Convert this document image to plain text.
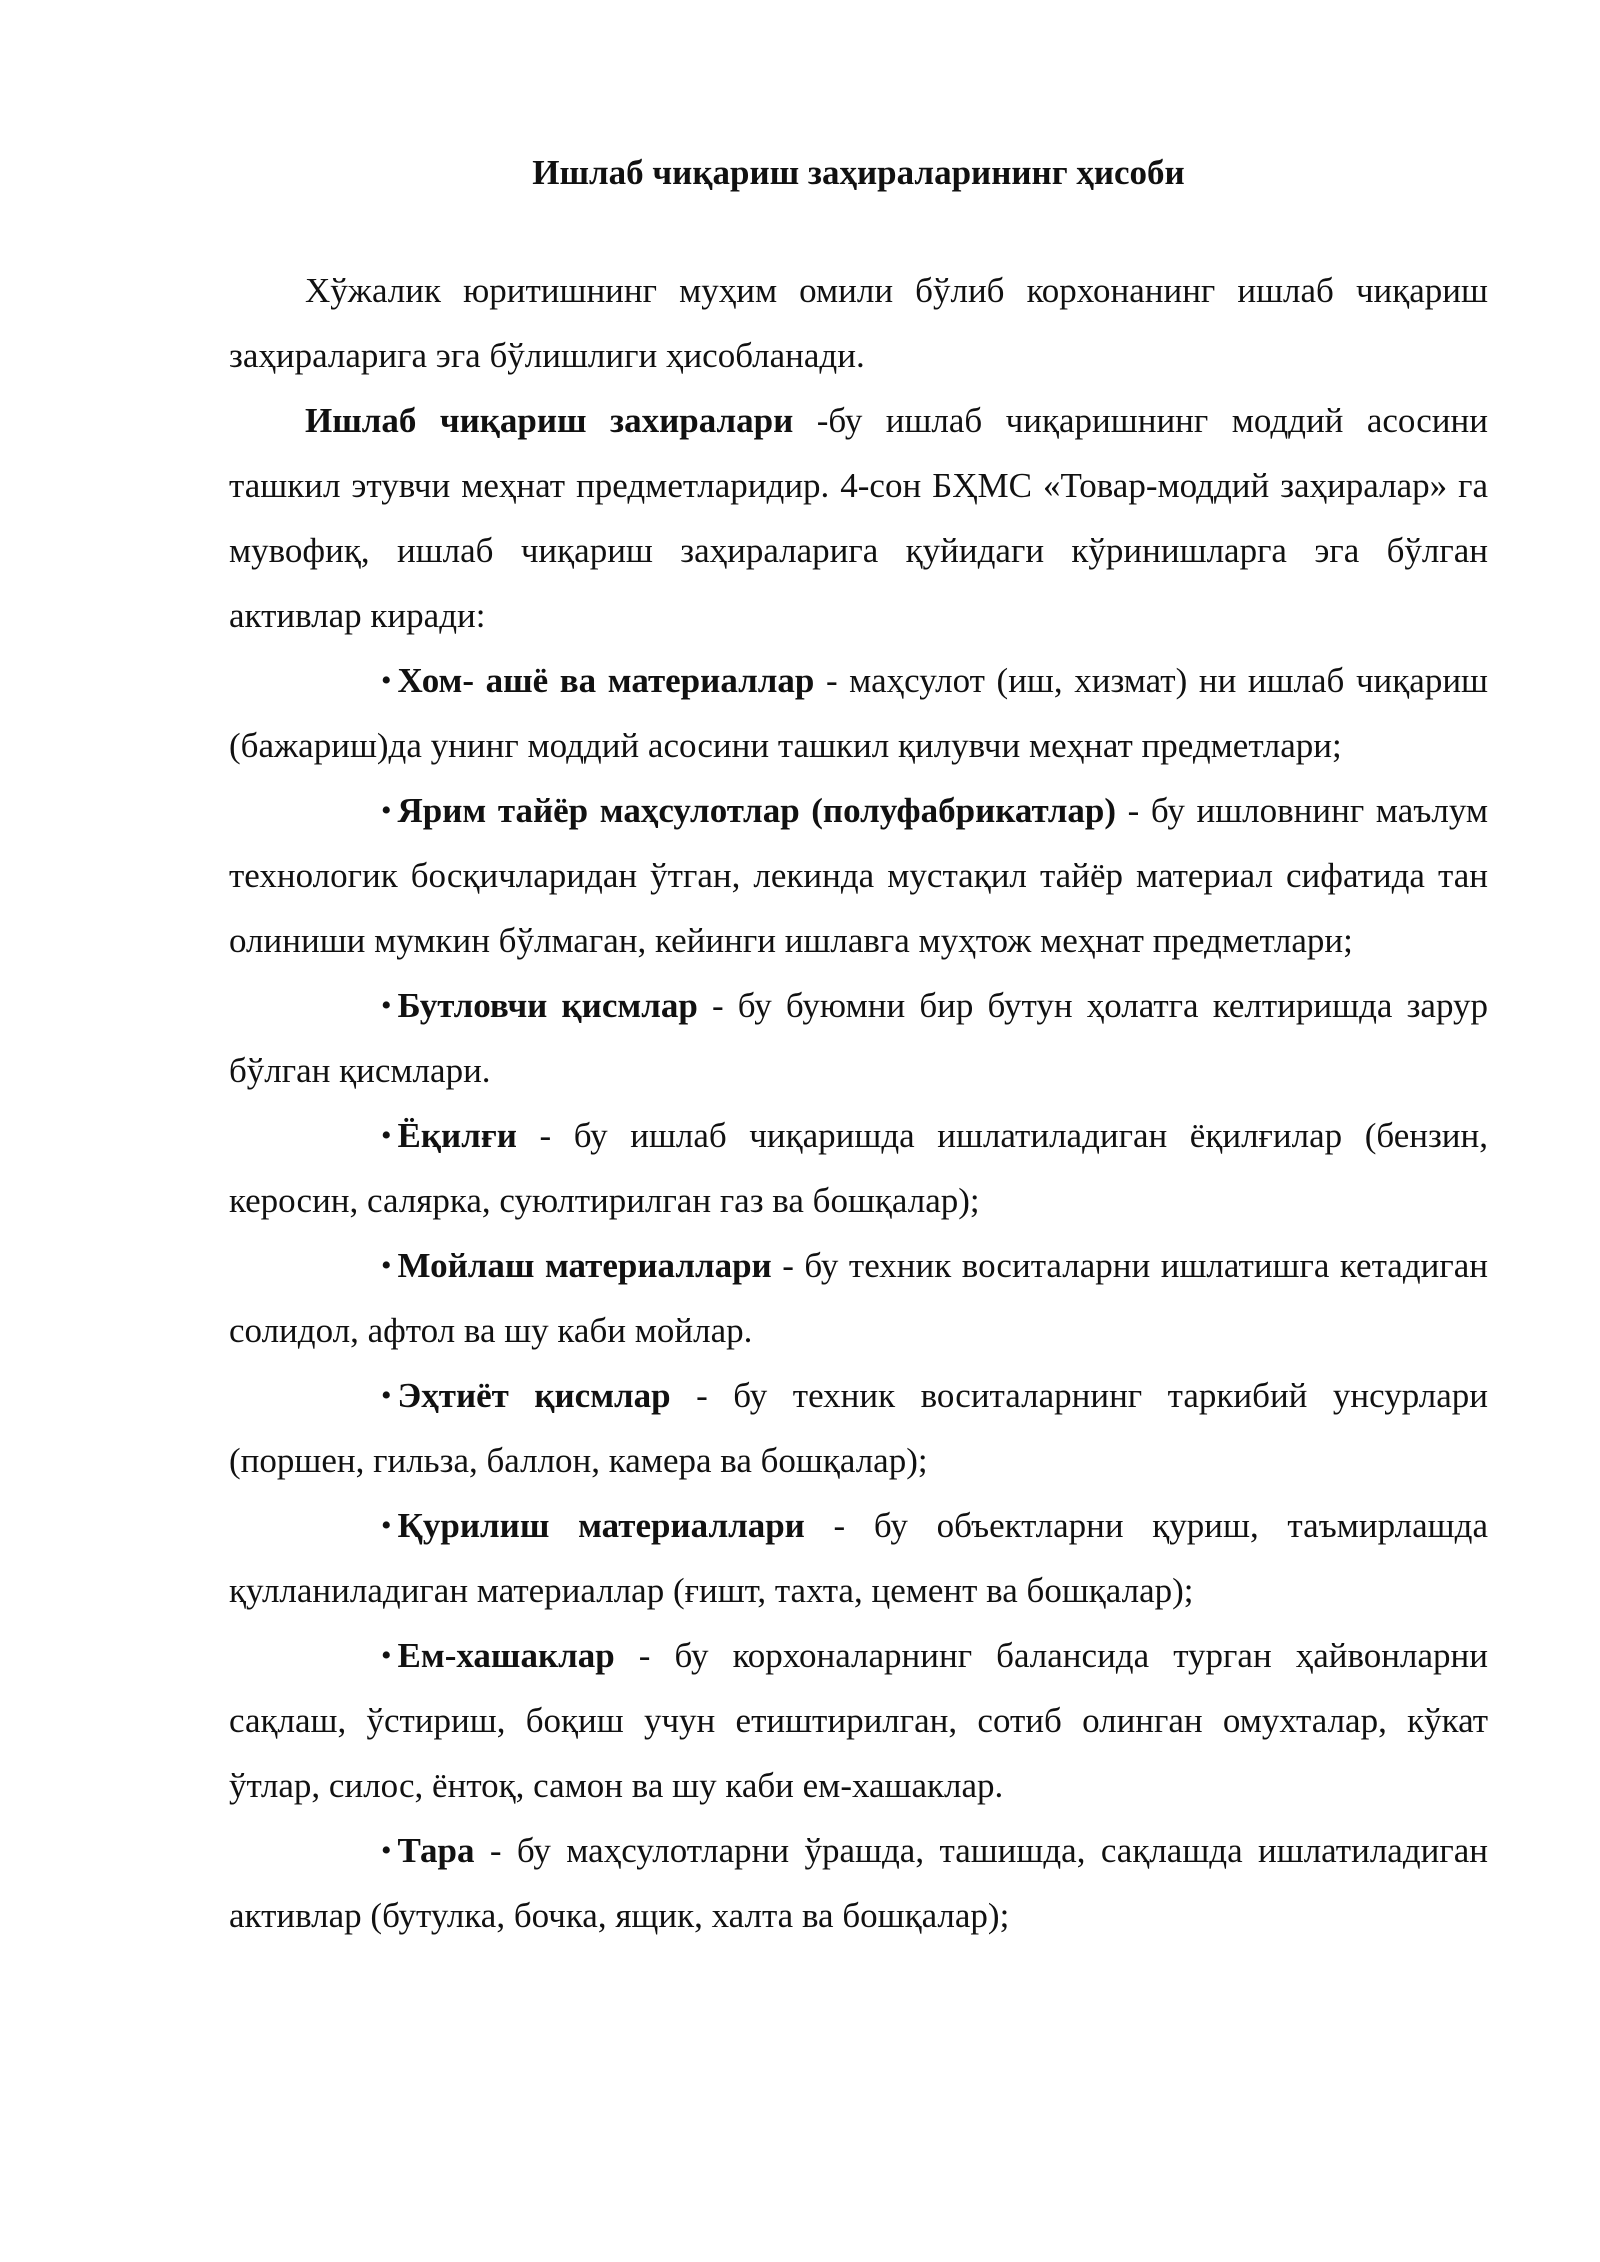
Ишлаб чиқариш заҳираларининг ҳисоби

Хўжалик юритишнинг муҳим омили бўлиб корхонанинг ишлаб чиқариш заҳираларига эга бўлишлиги ҳисобланади.

Ишлаб чиқариш захиралари -бу ишлаб чиқаришнинг моддий асосини ташкил этувчи меҳнат предметларидир. 4-сон БҲМС «Товар-моддий заҳиралар» га мувофиқ, ишлаб чиқариш заҳираларига қуйидаги кўринишларга эга бўлган активлар киради:

• Хом- ашё ва материаллар - маҳсулот (иш, хизмат) ни ишлаб чиқариш (бажариш)да унинг моддий асосини ташкил қилувчи меҳнат предметлари;

• Ярим тайёр маҳсулотлар (полуфабрикатлар) - бу ишловнинг маълум технологик босқичларидан ўтган, лекинда мустақил тайёр материал сифатида тан олиниши мумкин бўлмаган, кейинги ишлавга муҳтож меҳнат предметлари;

• Бутловчи қисмлар - бу буюмни бир бутун ҳолатга келтиришда зарур бўлган қисмлари.

• Ёқилғи - бу ишлаб чиқаришда ишлатиладиган ёқилғилар (бензин, керосин, салярка, суюлтирилган газ ва бошқалар);

• Мойлаш материаллари - бу техник воситаларни ишлатишга кетадиган солидол, афтол ва шу каби мойлар.

• Эҳтиёт қисмлар - бу техник воситаларнинг таркибий унсурлари (поршен, гильза, баллон, камера ва бошқалар);

• Қурилиш материаллари - бу объектларни қуриш, таъмирлашда қулланиладиган материаллар (ғишт, тахта, цемент ва бошқалар);

• Ем-хашаклар - бу корхоналарнинг балансида турган ҳайвонларни сақлаш, ўстириш, боқиш учун етиштирилган, сотиб олинган омухталар, кўкат ўтлар, силос, ёнтоқ, самон ва шу каби ем-хашаклар.

• Тара - бу маҳсулотларни ўрашда, ташишда, сақлашда ишлатиладиган активлар (бутулка, бочка, ящик, халта ва бошқалар);
